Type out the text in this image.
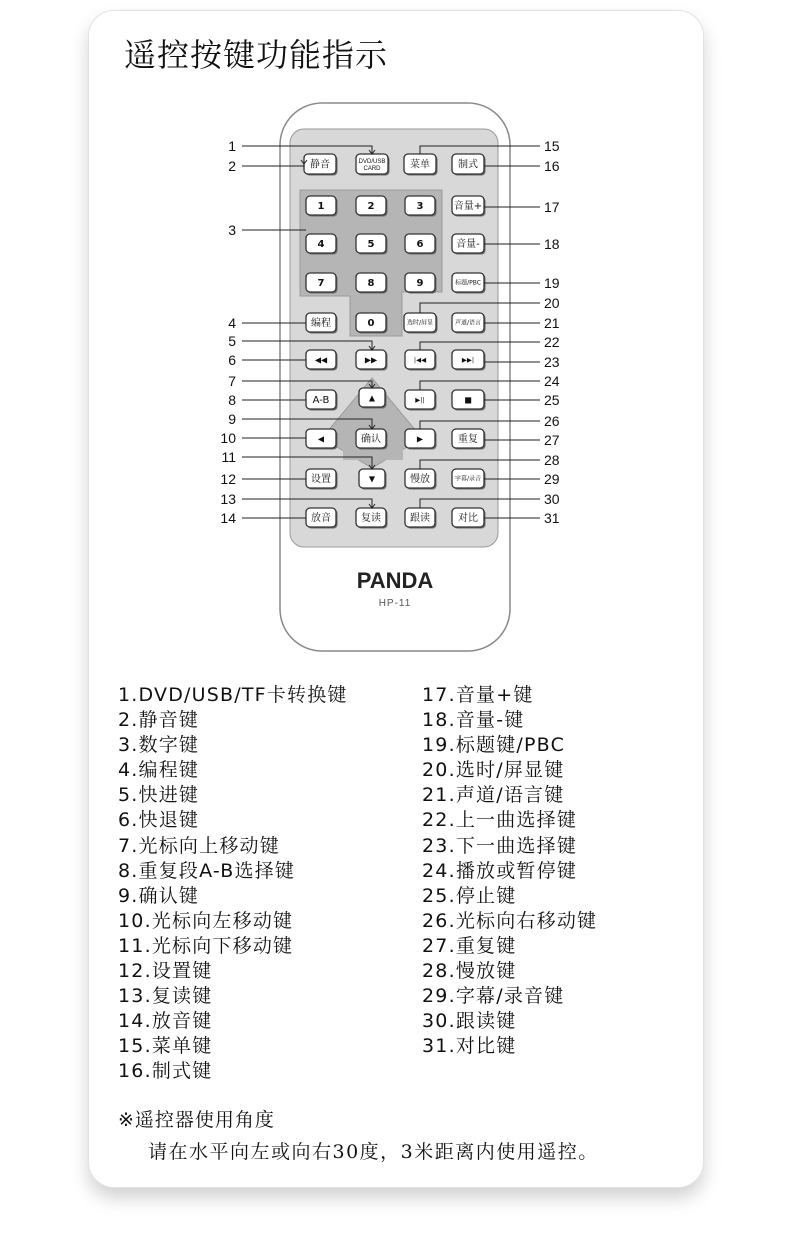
遥控按键功能指示
PANDA
HP-11
静音	DVD/USB
CARD	菜单	制式
1	2	3
4	5	6
7	8	9
0
音量+
音量-
标题/PBC
编程	选时/屏显	声道/语言
◀◀	▶▶	|◀◀	▶▶|
A-B	▲	▶||	■
◀	确认	▶	重复
设置	▼	慢放	字幕/录音
放音	复读	跟读	对比
1
2
3
4
5
6
7
8
9
10
11
12
13
14
15
16
17
18
19
20
21
22
23
24
25
26
27
28
29
30
31
1.DVD/USB/TF卡转换键
2.静音键
3.数字键
4.编程键
5.快进键
6.快退键
7.光标向上移动键
8.重复段A-B选择键
9.确认键
10.光标向左移动键
11.光标向下移动键
12.设置键
13.复读键
14.放音键
15.菜单键
16.制式键
17.音量+键
18.音量-键
19.标题键/PBC
20.选时/屏显键
21.声道/语言键
22.上一曲选择键
23.下一曲选择键
24.播放或暂停键
25.停止键
26.光标向右移动键
27.重复键
28.慢放键
29.字幕/录音键
30.跟读键
31.对比键
※遥控器使用角度
请在水平向左或向右30度，3米距离内使用遥控。
